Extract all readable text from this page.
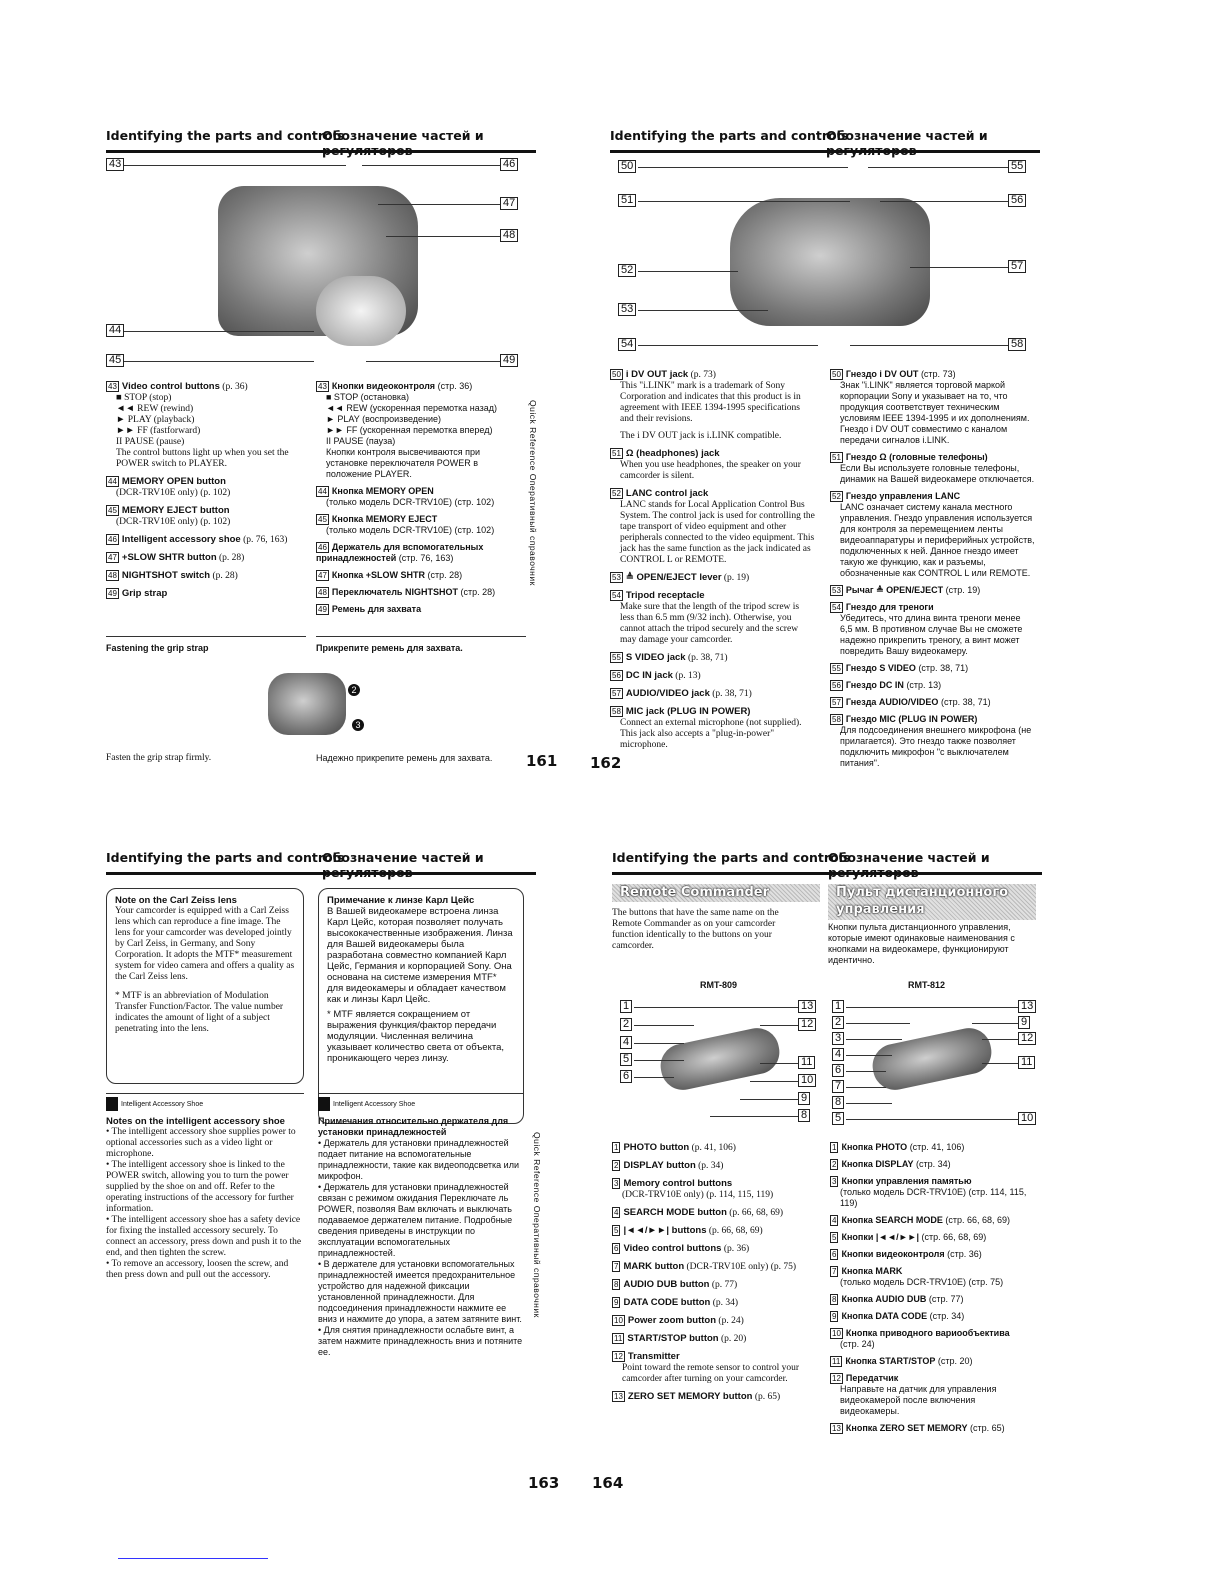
Identifying the parts and controls
Обозначение частей и регуляторов
43	46
47
48
44
45	49
43 Video control buttons (p. 36)
■ STOP (stop)
◄◄ REW (rewind)
► PLAY (playback)
►► FF (fastforward)
II PAUSE (pause)
The control buttons light up when you set the POWER switch to PLAYER.
44 MEMORY OPEN button
(DCR-TRV10E only) (p. 102)
45 MEMORY EJECT button
(DCR-TRV10E only) (p. 102)
46 Intelligent accessory shoe (p. 76, 163)
47 +SLOW SHTR button (p. 28)
48 NIGHTSHOT switch (p. 28)
49 Grip strap
43 Кнопки видеоконтроля (стр. 36)
■ STOP (остановка)
◄◄ REW (ускоренная перемотка назад)
► PLAY (воспроизведение)
►► FF (ускоренная перемотка вперед)
II PAUSE (пауза)
Кнопки контроля высвечиваются при установке переключателя POWER в положение PLAYER.
44 Кнопка MEMORY OPEN
(только модель DCR-TRV10E) (стр. 102)
45 Кнопка MEMORY EJECT
(только модель DCR-TRV10E) (стр. 102)
46 Держатель для вспомогательных принадлежностей (стр. 76, 163)
47 Кнопка +SLOW SHTR (стр. 28)
48 Переключатель NIGHTSHOT (стр. 28)
49 Ремень для захвата
Quick Reference Оперативный справочник
Fastening the grip strap	Прикрепите ремень для захвата.
2
3
Fasten the grip strap firmly.	Надежно прикрепите ремень для захвата. 161
Identifying the parts and controls
Обозначение частей и регуляторов
50
51
52
53
54
55
56
57
58
50 i DV OUT jack (p. 73)
This "i.LINK" mark is a trademark of Sony Corporation and indicates that this product is in agreement with IEEE 1394-1995 specifications and their revisions.
The i DV OUT jack is i.LINK compatible.
51 Ω (headphones) jack
When you use headphones, the speaker on your camcorder is silent.
52 LANC control jack
LANC stands for Local Application Control Bus System. The control jack is used for controlling the tape transport of video equipment and other peripherals connected to the video equipment. This jack has the same function as the jack indicated as CONTROL L or REMOTE.
53 ≜ OPEN/EJECT lever (p. 19)
54 Tripod receptacle
Make sure that the length of the tripod screw is less than 6.5 mm (9/32 inch). Otherwise, you cannot attach the tripod securely and the screw may damage your camcorder.
55 S VIDEO jack (p. 38, 71)
56 DC IN jack (p. 13)
57 AUDIO/VIDEO jack (p. 38, 71)
58 MIC jack (PLUG IN POWER)
Connect an external microphone (not supplied). This jack also accepts a "plug-in-power" microphone.
50 Гнездо i DV OUT (стр. 73)
Знак "i.LINK" является торговой маркой корпорации Sony и указывает на то, что продукция соответствует техническим условиям IEEE 1394-1995 и их дополнениям.
Гнездо i DV OUT совместимо с каналом передачи сигналов i.LINK.
51 Гнездо Ω (головные телефоны)
Если Вы используете головные телефоны, динамик на Вашей видеокамере отключается.
52 Гнездо управления LANC
LANC означает систему канала местного управления. Гнездо управления используется для контроля за перемещением ленты видеоаппаратуры и периферийных устройств, подключенных к ней. Данное гнездо имеет такую же функцию, как и разъемы, обозначенные как CONTROL L или REMOTE.
53 Рычаг ≜ OPEN/EJECT (стр. 19)
54 Гнездо для треноги
Убедитесь, что длина винта треноги менее 6,5 мм. В противном случае Вы не сможете надежно прикрепить треногу, а винт может повредить Вашу видеокамеру.
55 Гнездо S VIDEO (стр. 38, 71)
56 Гнездо DC IN (стр. 13)
57 Гнезда AUDIO/VIDEO (стр. 38, 71)
58 Гнездо MIC (PLUG IN POWER)
Для подсоединения внешнего микрофона (не прилагается). Это гнездо также позволяет подключить микрофон "с выключателем питания".
162
Identifying the parts and controls
Обозначение частей и регуляторов
Note on the Carl Zeiss lens
Your camcorder is equipped with a Carl Zeiss lens which can reproduce a fine image. The lens for your camcorder was developed jointly by Carl Zeiss, in Germany, and Sony Corporation. It adopts the MTF* measurement system for video camera and offers a quality as the Carl Zeiss lens.
* MTF is an abbreviation of Modulation Transfer Function/Factor. The value number indicates the amount of light of a subject penetrating into the lens.
Примечание к линзе Карл Цейс
В Вашей видеокамере встроена линза Карл Цейс, которая позволяет получать высококачественные изображения. Линза для Вашей видеокамеры была разработана совместно компанией Карл Цейс, Германия и корпорацией Sony. Она основана на системе измерения MTF* для видеокамеры и обладает качеством как и линзы Карл Цейс.
* MTF является сокращением от выражения функция/фактор передачи модуляции. Численная величина указывает количество света от объекта, проникающего через линзу.
Intelligent Accessory Shoe	Intelligent Accessory Shoe
Notes on the intelligent accessory shoe
• The intelligent accessory shoe supplies power to optional accessories such as a video light or microphone.
• The intelligent accessory shoe is linked to the POWER switch, allowing you to turn the power supplied by the shoe on and off. Refer to the operating instructions of the accessory for further information.
• The intelligent accessory shoe has a safety device for fixing the installed accessory securely. To connect an accessory, press down and push it to the end, and then tighten the screw.
• To remove an accessory, loosen the screw, and then press down and pull out the accessory.
Примечания относительно держателя для установки принадлежностей
• Держатель для установки принадлежностей подает питание на вспомогательные принадлежности, такие как видеоподсветка или микрофон.
• Держатель для установки принадлежностей связан с режимом ожидания Переключате ль POWER, позволяя Вам включать и выключать подаваемое держателем питание. Подробные сведения приведены в инструкции по эксплуатации вспомогательных принадлежностей.
• В держателе для установки вспомогательных принадлежностей имеется предохранительное устройство для надежной фиксации установленной принадлежности. Для подсоединения принадлежности нажмите ее вниз и нажмите до упора, а затем затяните винт.
• Для снятия принадлежности ослабьте винт, а затем нажмите принадлежность вниз и потяните ее.
Quick Reference Оперативный справочник
163
Identifying the parts and controls
Обозначение частей и регуляторов
Remote Commander	Пульт дистанционного управления
The buttons that have the same name on the Remote Commander as on your camcorder function identically to the buttons on your camcorder.
Кнопки пульта дистанционного управления, которые имеют одинаковые наименования с кнопками на видеокамере, функционируют идентично.
RMT-809	RMT-812
1
2
4
5
6
13
12
11
10
9
8
1
2
3
4
6
7
8
5
13
9
12
11
10
1 PHOTO button (p. 41, 106)
2 DISPLAY button (p. 34)
3 Memory control buttons
(DCR-TRV10E only) (p. 114, 115, 119)
4 SEARCH MODE button (p. 66, 68, 69)
5 |◄◄/►►| buttons (p. 66, 68, 69)
6 Video control buttons (p. 36)
7 MARK button (DCR-TRV10E only) (p. 75)
8 AUDIO DUB button (p. 77)
9 DATA CODE button (p. 34)
10 Power zoom button (p. 24)
11 START/STOP button (p. 20)
12 Transmitter
Point toward the remote sensor to control your camcorder after turning on your camcorder.
13 ZERO SET MEMORY button (p. 65)
1 Кнопка PHOTO (стр. 41, 106)
2 Кнопка DISPLAY (стр. 34)
3 Кнопки управления памятью
(только модель DCR-TRV10E) (стр. 114, 115, 119)
4 Кнопка SEARCH MODE (стр. 66, 68, 69)
5 Кнопки |◄◄/►►| (стр. 66, 68, 69)
6 Кнопки видеоконтроля (стр. 36)
7 Кнопка MARK
(только модель DCR-TRV10E) (стр. 75)
8 Кнопка AUDIO DUB (стр. 77)
9 Кнопка DATA CODE (стр. 34)
10 Кнопка приводного вариообъектива
(стр. 24)
11 Кнопка START/STOP (стр. 20)
12 Передатчик
Направьте на датчик для управления видеокамерой после включения видеокамеры.
13 Кнопка ZERO SET MEMORY (стр. 65)
164
